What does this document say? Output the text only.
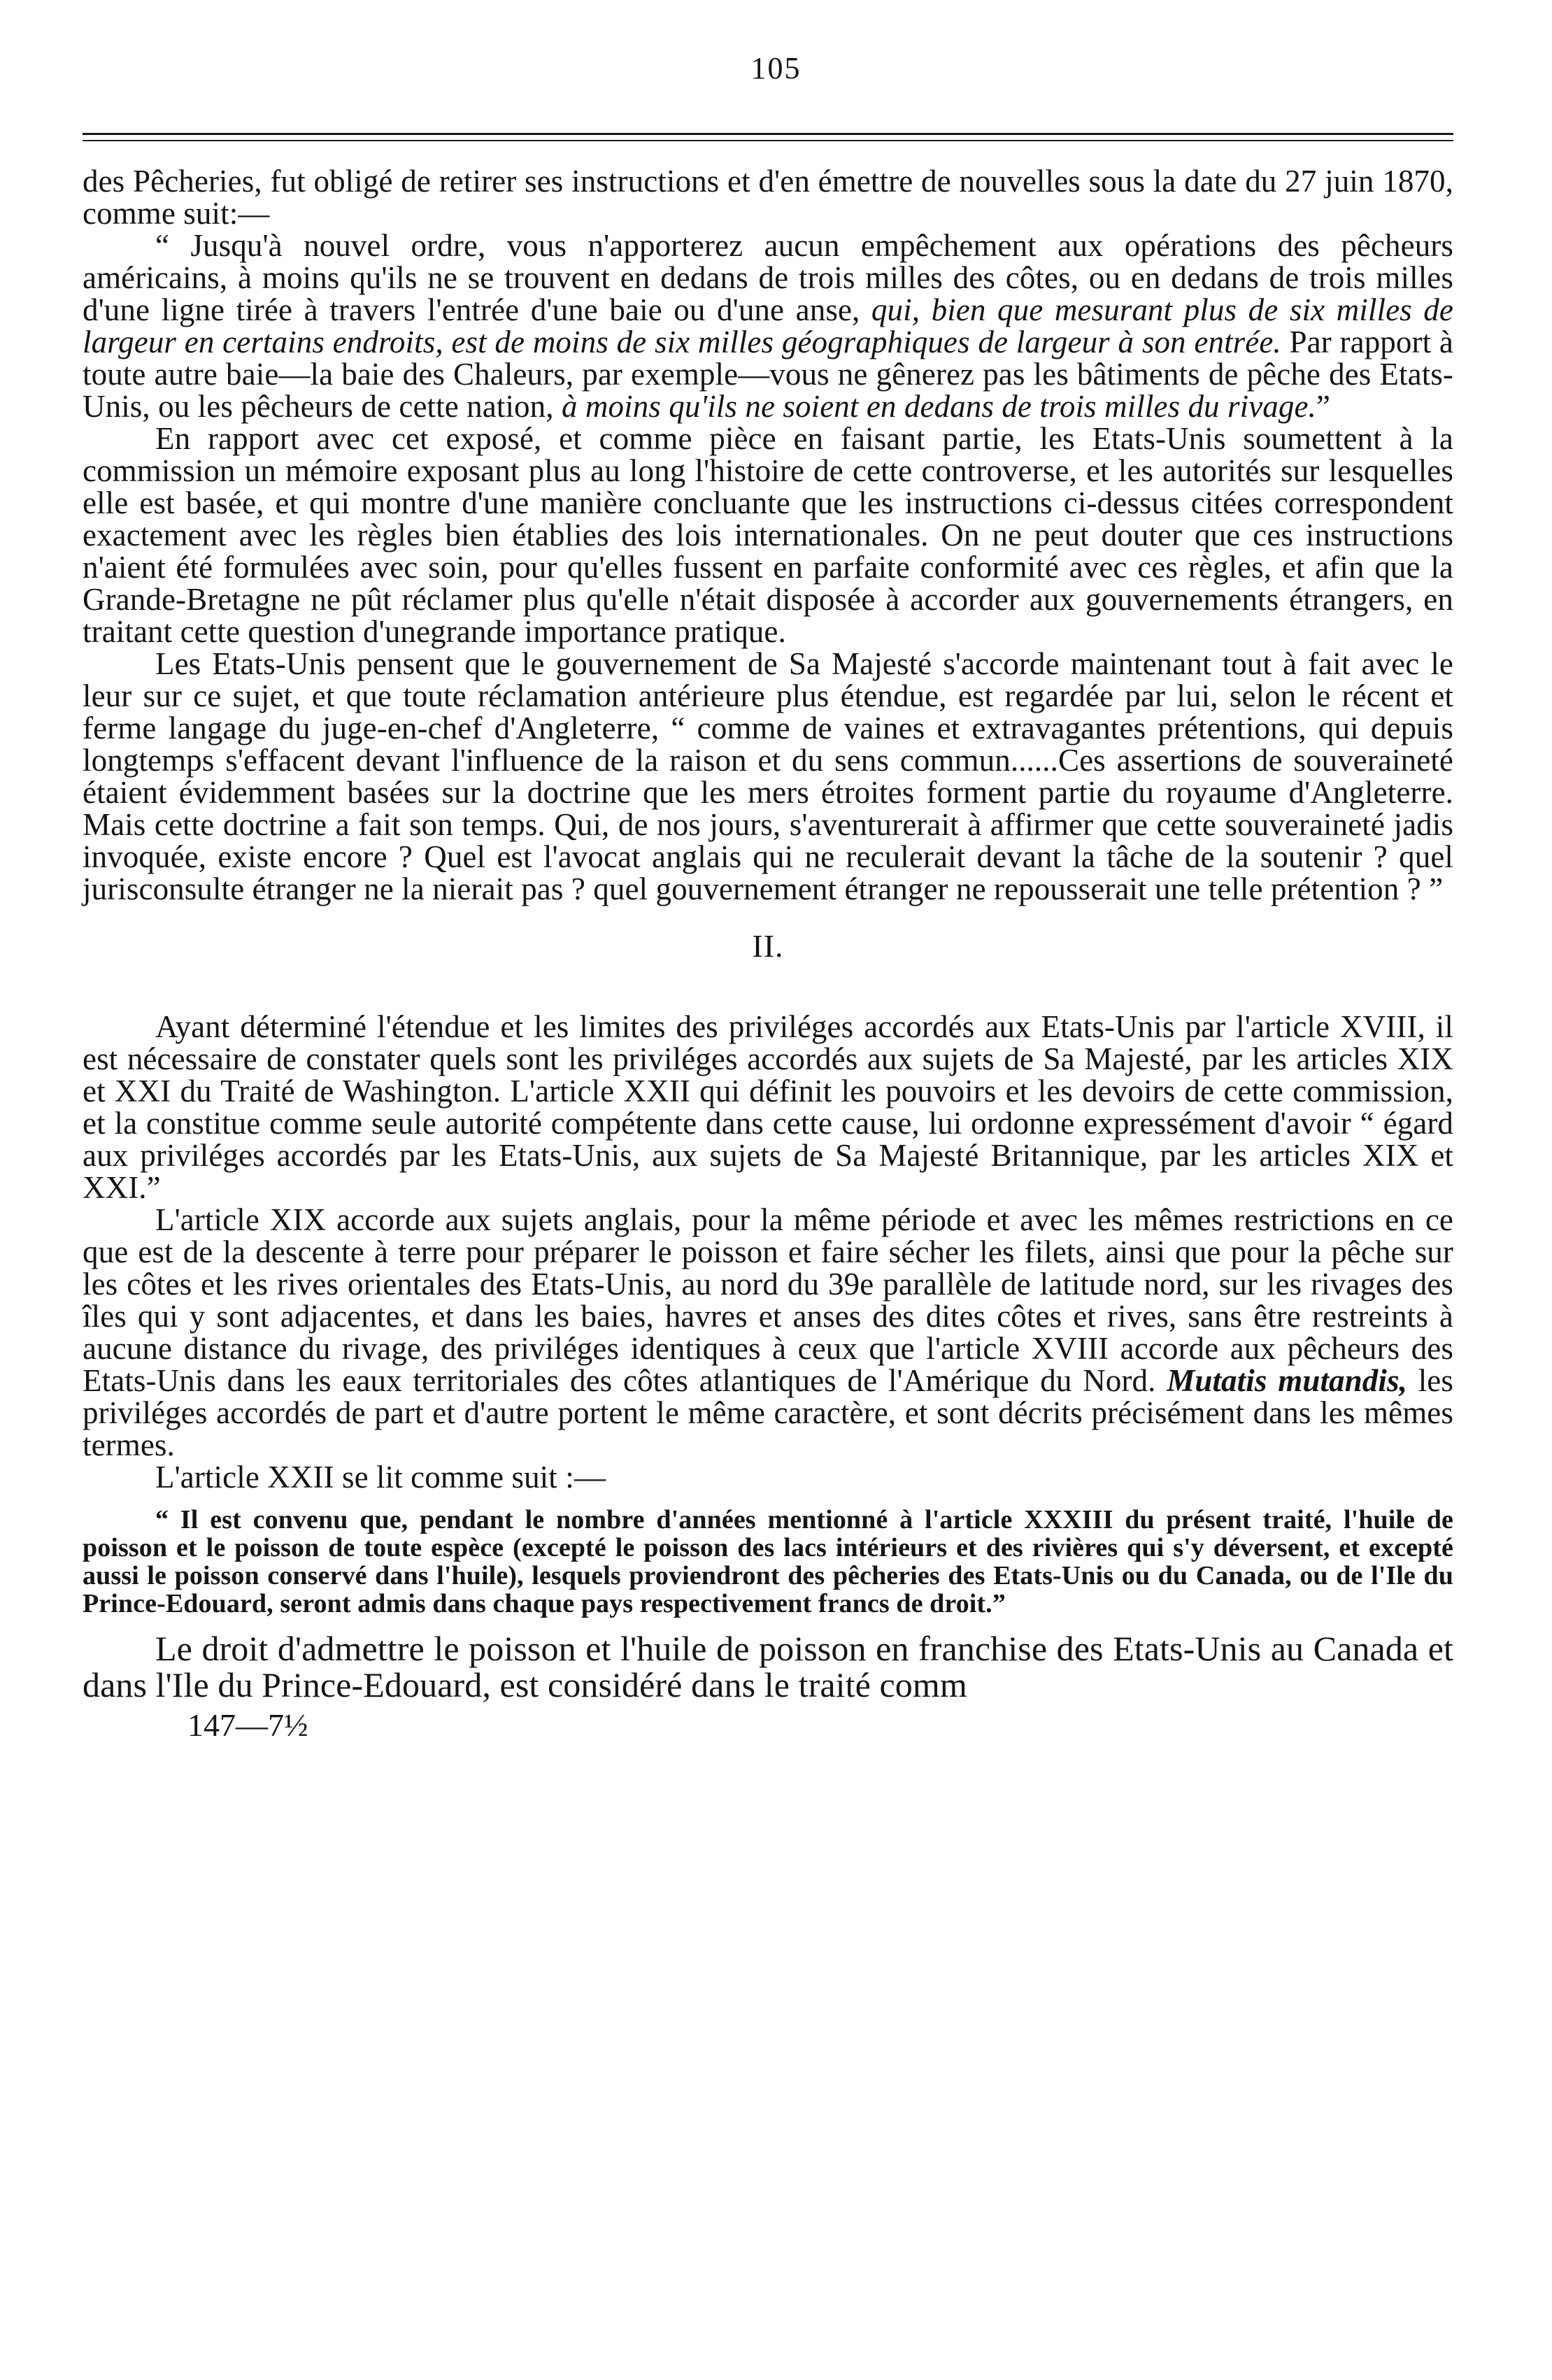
105

des Pêcheries, fut obligé de retirer ses instructions et d'en émettre de nouvelles sous la date du 27 juin 1870, comme suit:—

“ Jusqu'à nouvel ordre, vous n'apporterez aucun empêchement aux opérations des pêcheurs américains, à moins qu'ils ne se trouvent en dedans de trois milles des côtes, ou en dedans de trois milles d'une ligne tirée à travers l'entrée d'une baie ou d'une anse, qui, bien que mesurant plus de six milles de largeur en certains endroits, est de moins de six milles géographiques de largeur à son entrée. Par rapport à toute autre baie—la baie des Chaleurs, par exemple—vous ne gênerez pas les bâtiments de pêche des Etats-Unis, ou les pêcheurs de cette nation, à moins qu'ils ne soient en dedans de trois milles du rivage.”

En rapport avec cet exposé, et comme pièce en faisant partie, les Etats-Unis soumettent à la commission un mémoire exposant plus au long l'histoire de cette controverse, et les autorités sur lesquelles elle est basée, et qui montre d'une manière concluante que les instructions ci-dessus citées correspondent exactement avec les règles bien établies des lois internationales. On ne peut douter que ces instructions n'aient été formulées avec soin, pour qu'elles fussent en parfaite conformité avec ces règles, et afin que la Grande-Bretagne ne pût réclamer plus qu'elle n'était disposée à accorder aux gouvernements étrangers, en traitant cette question d'unegrande importance pratique.

Les Etats-Unis pensent que le gouvernement de Sa Majesté s'accorde maintenant tout à fait avec le leur sur ce sujet, et que toute réclamation antérieure plus étendue, est regardée par lui, selon le récent et ferme langage du juge-en-chef d'Angleterre, “ comme de vaines et extravagantes prétentions, qui depuis longtemps s'effacent devant l'influence de la raison et du sens commun......Ces assertions de souveraineté étaient évidemment basées sur la doctrine que les mers étroites forment partie du royaume d'Angleterre. Mais cette doctrine a fait son temps. Qui, de nos jours, s'aventurerait à affirmer que cette souveraineté jadis invoquée, existe encore ? Quel est l'avocat anglais qui ne reculerait devant la tâche de la soutenir ? quel jurisconsulte étranger ne la nierait pas ? quel gouvernement étranger ne repousserait une telle prétention ? ”

II.

Ayant déterminé l'étendue et les limites des priviléges accordés aux Etats-Unis par l'article XVIII, il est nécessaire de constater quels sont les priviléges accordés aux sujets de Sa Majesté, par les articles XIX et XXI du Traité de Washington. L'article XXII qui définit les pouvoirs et les devoirs de cette commission, et la constitue comme seule autorité compétente dans cette cause, lui ordonne expressément d'avoir “ égard aux priviléges accordés par les Etats-Unis, aux sujets de Sa Majesté Britannique, par les articles XIX et XXI.”

L'article XIX accorde aux sujets anglais, pour la même période et avec les mêmes restrictions en ce que est de la descente à terre pour préparer le poisson et faire sécher les filets, ainsi que pour la pêche sur les côtes et les rives orientales des Etats-Unis, au nord du 39e parallèle de latitude nord, sur les rivages des îles qui y sont adjacentes, et dans les baies, havres et anses des dites côtes et rives, sans être restreints à aucune distance du rivage, des priviléges identiques à ceux que l'article XVIII accorde aux pêcheurs des Etats-Unis dans les eaux territoriales des côtes atlantiques de l'Amérique du Nord. Mutatis mutandis, les priviléges accordés de part et d'autre portent le même caractère, et sont décrits précisément dans les mêmes termes.

L'article XXII se lit comme suit :—

“ Il est convenu que, pendant le nombre d'années mentionné à l'article XXXIII du présent traité, l'huile de poisson et le poisson de toute espèce (excepté le poisson des lacs intérieurs et des rivières qui s'y déversent, et excepté aussi le poisson conservé dans l'huile), lesquels proviendront des pêcheries des Etats-Unis ou du Canada, ou de l'Ile du Prince-Edouard, seront admis dans chaque pays respectivement francs de droit.”

Le droit d'admettre le poisson et l'huile de poisson en franchise des Etats-Unis au Canada et dans l'Ile du Prince-Edouard, est considéré dans le traité comm

147—7½
